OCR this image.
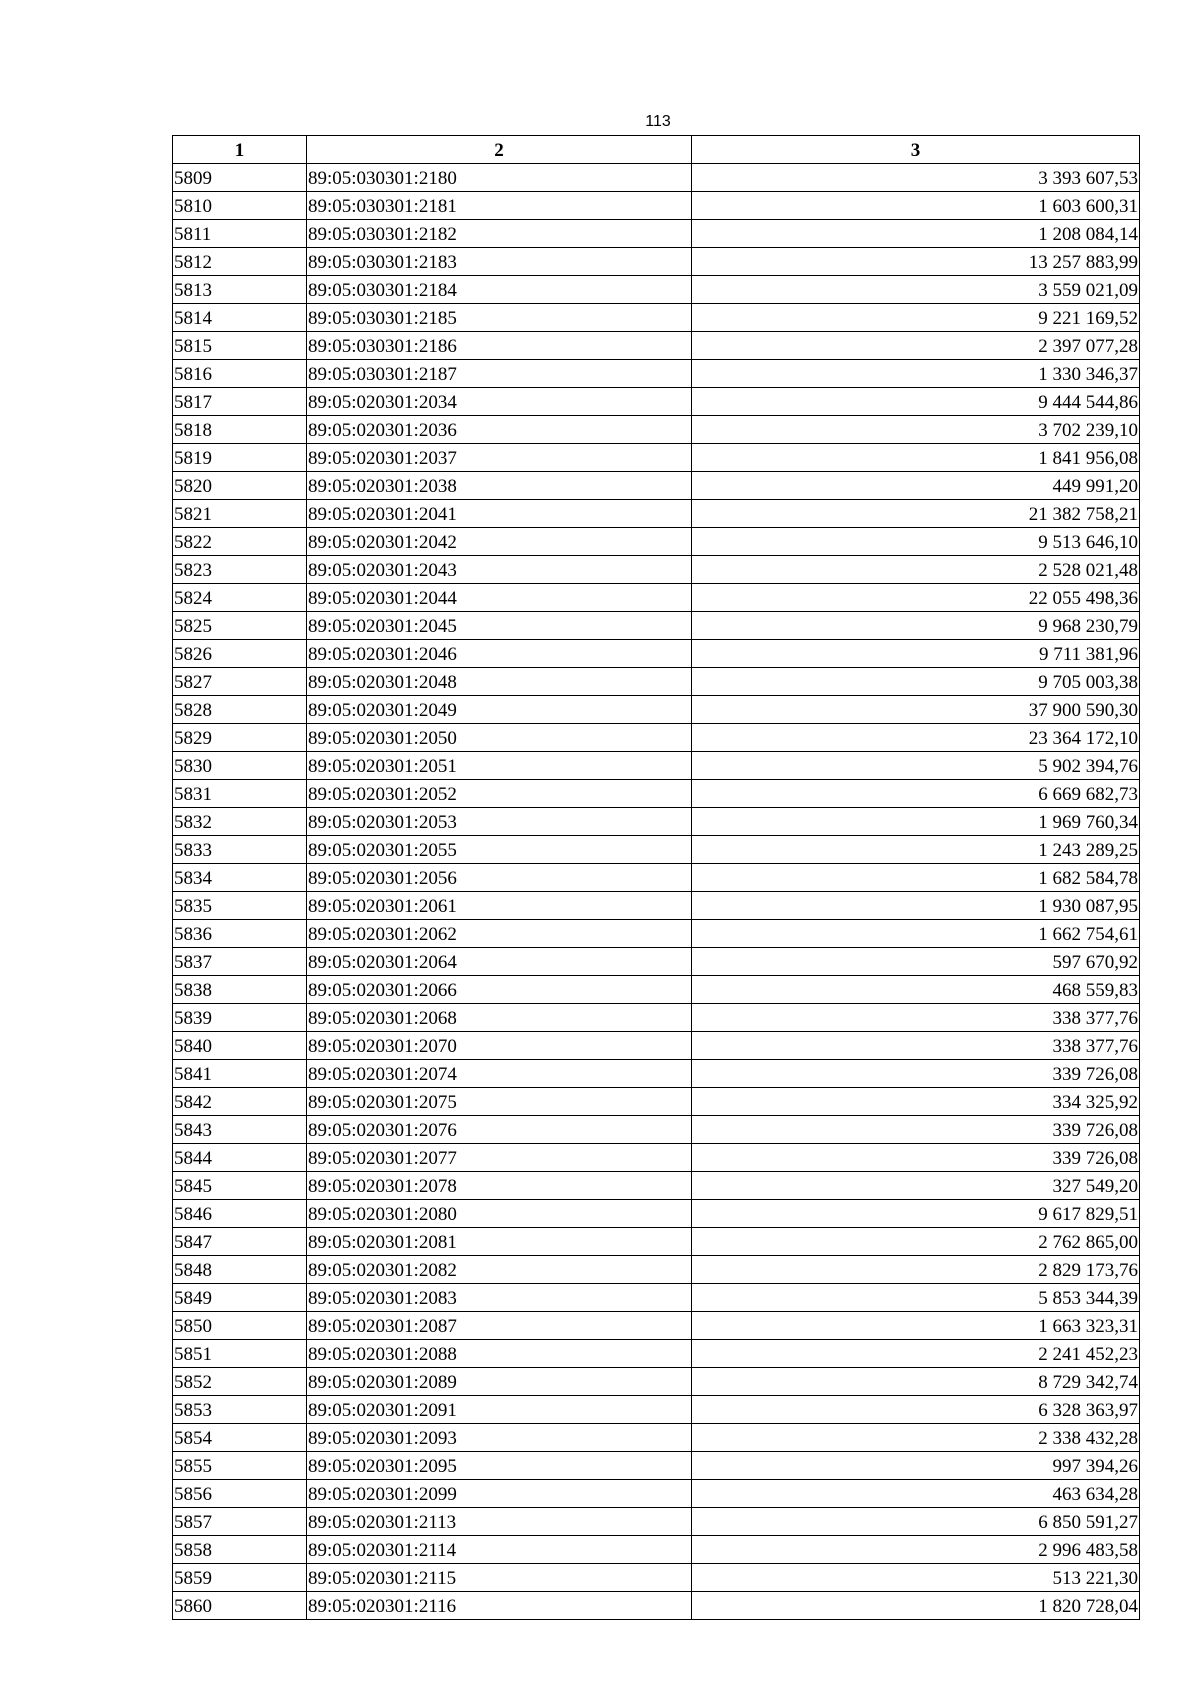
113
1	2	3
5809	89:05:030301:2180	3 393 607,53
5810	89:05:030301:2181	1 603 600,31
5811	89:05:030301:2182	1 208 084,14
5812	89:05:030301:2183	13 257 883,99
5813	89:05:030301:2184	3 559 021,09
5814	89:05:030301:2185	9 221 169,52
5815	89:05:030301:2186	2 397 077,28
5816	89:05:030301:2187	1 330 346,37
5817	89:05:020301:2034	9 444 544,86
5818	89:05:020301:2036	3 702 239,10
5819	89:05:020301:2037	1 841 956,08
5820	89:05:020301:2038	449 991,20
5821	89:05:020301:2041	21 382 758,21
5822	89:05:020301:2042	9 513 646,10
5823	89:05:020301:2043	2 528 021,48
5824	89:05:020301:2044	22 055 498,36
5825	89:05:020301:2045	9 968 230,79
5826	89:05:020301:2046	9 711 381,96
5827	89:05:020301:2048	9 705 003,38
5828	89:05:020301:2049	37 900 590,30
5829	89:05:020301:2050	23 364 172,10
5830	89:05:020301:2051	5 902 394,76
5831	89:05:020301:2052	6 669 682,73
5832	89:05:020301:2053	1 969 760,34
5833	89:05:020301:2055	1 243 289,25
5834	89:05:020301:2056	1 682 584,78
5835	89:05:020301:2061	1 930 087,95
5836	89:05:020301:2062	1 662 754,61
5837	89:05:020301:2064	597 670,92
5838	89:05:020301:2066	468 559,83
5839	89:05:020301:2068	338 377,76
5840	89:05:020301:2070	338 377,76
5841	89:05:020301:2074	339 726,08
5842	89:05:020301:2075	334 325,92
5843	89:05:020301:2076	339 726,08
5844	89:05:020301:2077	339 726,08
5845	89:05:020301:2078	327 549,20
5846	89:05:020301:2080	9 617 829,51
5847	89:05:020301:2081	2 762 865,00
5848	89:05:020301:2082	2 829 173,76
5849	89:05:020301:2083	5 853 344,39
5850	89:05:020301:2087	1 663 323,31
5851	89:05:020301:2088	2 241 452,23
5852	89:05:020301:2089	8 729 342,74
5853	89:05:020301:2091	6 328 363,97
5854	89:05:020301:2093	2 338 432,28
5855	89:05:020301:2095	997 394,26
5856	89:05:020301:2099	463 634,28
5857	89:05:020301:2113	6 850 591,27
5858	89:05:020301:2114	2 996 483,58
5859	89:05:020301:2115	513 221,30
5860	89:05:020301:2116	1 820 728,04
